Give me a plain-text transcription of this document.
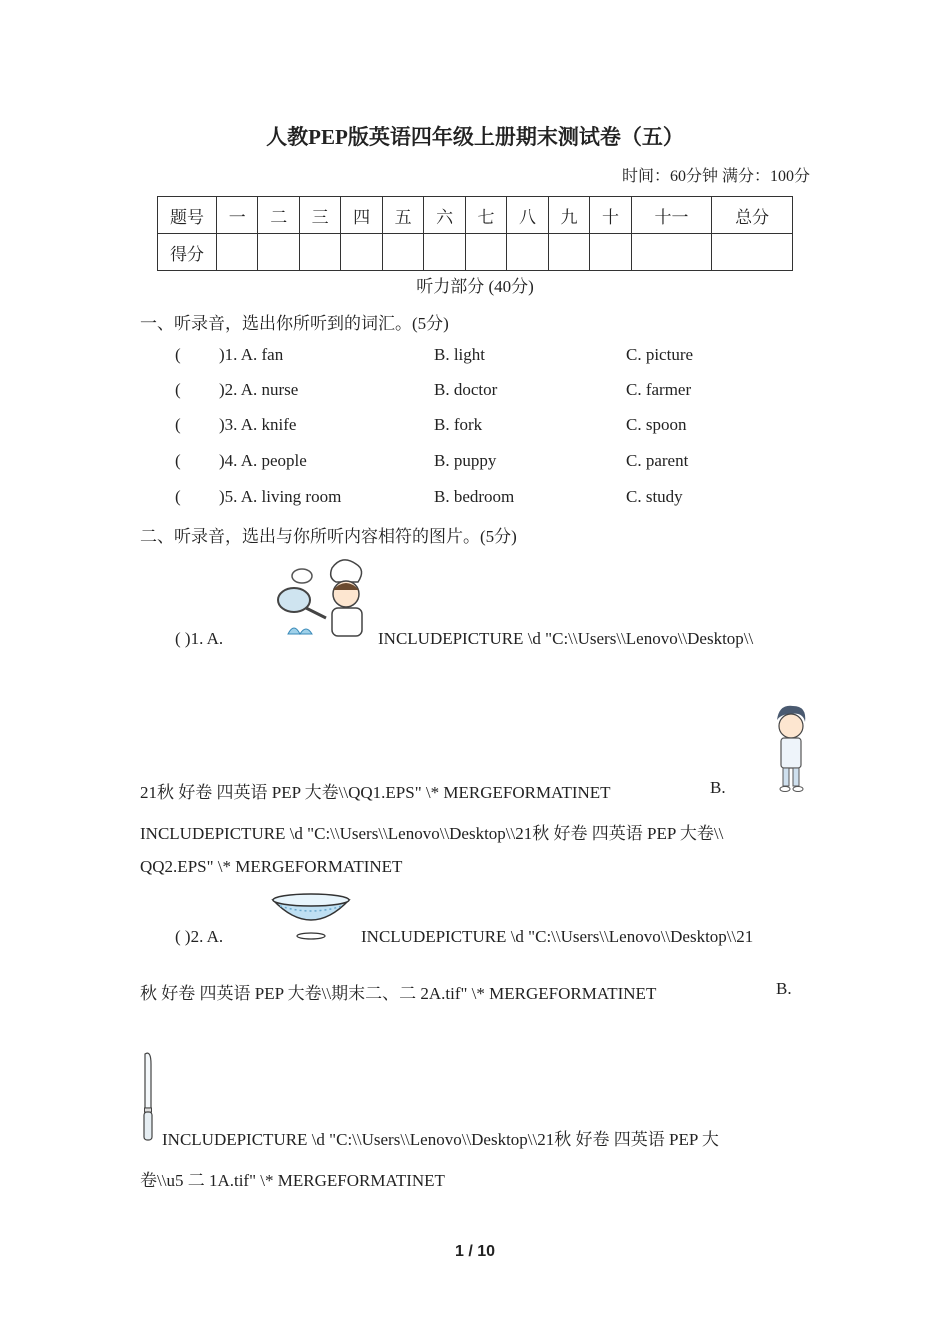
人教PEP版英语四年级上册期末测试卷（五）
时间：60分钟 满分：100分
题号	一	二	三	四	五	六	七	八	九	十	十一	总分
得分												
听力部分 (40分)
一、听录音，选出你所听到的词汇。(5分)
( )1. A. fan	B. light	C. picture
( )2. A. nurse	B. doctor	C. farmer
( )3. A. knife	B. fork	C. spoon
( )4. A. people	B. puppy	C. parent
( )5. A. living room	B. bedroom	C. study
二、听录音，选出与你所听内容相符的图片。(5分)
( )1. A.	INCLUDEPICTURE \d "C:\\Users\\Lenovo\\Desktop\\
21秋 好卷 四英语 PEP 大卷\\QQ1.EPS" \* MERGEFORMATINET	B.
INCLUDEPICTURE \d "C:\\Users\\Lenovo\\Desktop\\21秋 好卷 四英语 PEP 大卷\\
QQ2.EPS" \* MERGEFORMATINET
( )2. A.	INCLUDEPICTURE \d "C:\\Users\\Lenovo\\Desktop\\21
秋 好卷 四英语 PEP 大卷\\期末二、二 2A.tif" \* MERGEFORMATINET	B.
INCLUDEPICTURE \d "C:\\Users\\Lenovo\\Desktop\\21秋 好卷 四英语 PEP 大
卷\\u5 二 1A.tif" \* MERGEFORMATINET
1 / 10
